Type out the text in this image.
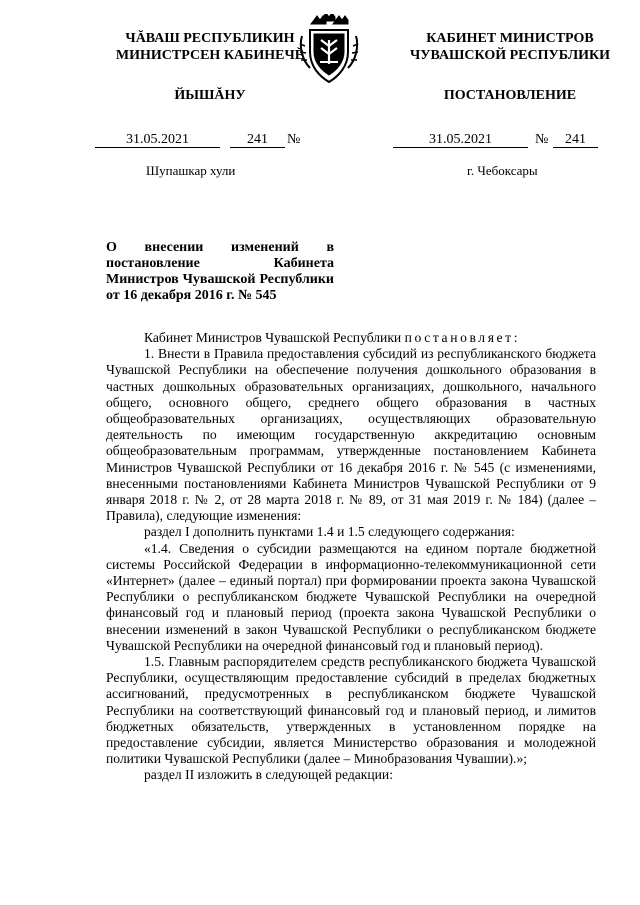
ЧĂВАШ РЕСПУБЛИКИН
МИНИСТРСЕН КАБИНЕЧĔ
ЙЫШĂНУ
КАБИНЕТ МИНИСТРОВ
ЧУВАШСКОЙ РЕСПУБЛИКИ
ПОСТАНОВЛЕНИЕ
31.05.2021	241	№	31.05.2021	№	241
Шупашкар хули	г. Чебоксары
О внесении изменений в постановление Кабинета Министров Чувашской Республики от 16 декабря 2016 г. № 545

Кабинет Министров Чувашской Республики постановляет:

1. Внести в Правила предоставления субсидий из республиканского бюджета Чувашской Республики на обеспечение получения дошкольного образования в частных дошкольных образовательных организациях, дошкольного, начального общего, основного общего, среднего общего образования в частных общеобразовательных организациях, осуществляющих образовательную деятельность по имеющим государственную аккредитацию основным общеобразовательным программам, утвержденные постановлением Кабинета Министров Чувашской Республики от 16 декабря 2016 г. № 545 (с изменениями, внесенными постановлениями Кабинета Министров Чувашской Республики от 9 января 2018 г. № 2, от 28 марта 2018 г. № 89, от 31 мая 2019 г. № 184) (далее – Правила), следующие изменения:

раздел I дополнить пунктами 1.4 и 1.5 следующего содержания:

«1.4. Сведения о субсидии размещаются на едином портале бюджетной системы Российской Федерации в информационно-телекоммуникационной сети «Интернет» (далее – единый портал) при формировании проекта закона Чувашской Республики о республиканском бюджете Чувашской Республики на очередной финансовый год и плановый период (проекта закона Чувашской Республики о внесении изменений в закон Чувашской Республики о республиканском бюджете Чувашской Республики на очередной финансовый год и плановый период).

1.5. Главным распорядителем средств республиканского бюджета Чувашской Республики, осуществляющим предоставление субсидий в пределах бюджетных ассигнований, предусмотренных в республиканском бюджете Чувашской Республики на соответствующий финансовый год и плановый период, и лимитов бюджетных обязательств, утвержденных в установленном порядке на предоставление субсидии, является Министерство образования и молодежной политики Чувашской Республики (далее – Минобразования Чувашии).»;

раздел II изложить в следующей редакции:
